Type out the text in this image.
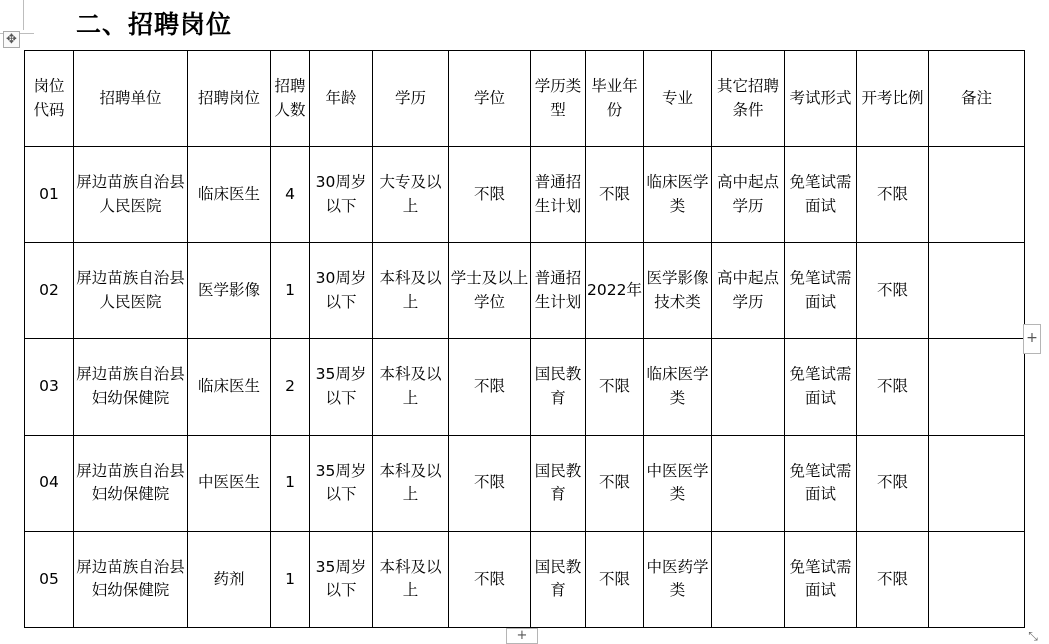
✥
二、招聘岗位
岗位代码	招聘单位	招聘岗位	招聘人数	年龄	学历	学位	学历类型	毕业年份	专业	其它招聘条件	考试形式	开考比例	备注

01	屏边苗族自治县人民医院	临床医生	4	30周岁以下	大专及以上	不限	普通招生计划	不限	临床医学类	高中起点学历	免笔试需面试	不限	

02	屏边苗族自治县人民医院	医学影像	1	30周岁以下	本科及以上	学士及以上学位	普通招生计划	2022年	医学影像技术类	高中起点学历	免笔试需面试	不限	

03	屏边苗族自治县妇幼保健院	临床医生	2	35周岁以下	本科及以上	不限	国民教育	不限	临床医学类		免笔试需面试	不限	

04	屏边苗族自治县妇幼保健院	中医医生	1	35周岁以下	本科及以上	不限	国民教育	不限	中医医学类		免笔试需面试	不限	

05	屏边苗族自治县妇幼保健院	药剂	1	35周岁以下	本科及以上	不限	国民教育	不限	中医药学类		免笔试需面试	不限	

+
+	⤡
